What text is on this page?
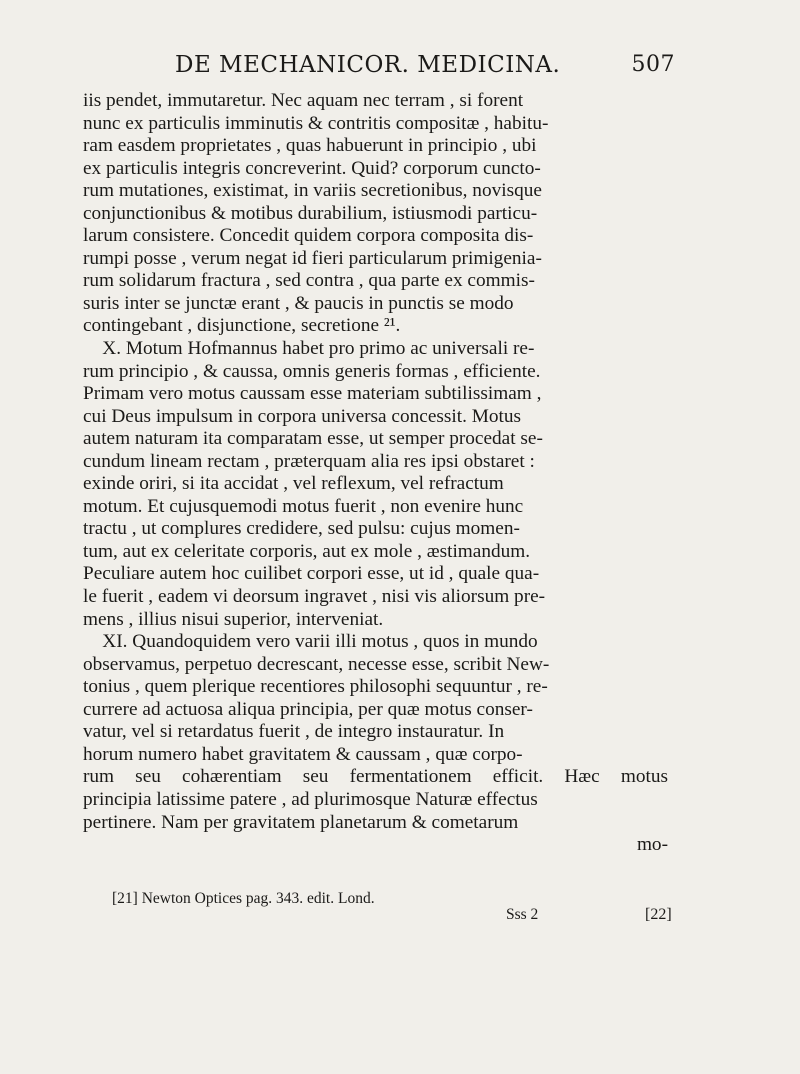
DE MECHANICOR. MEDICINA.	507
iis pendet, immutaretur. Nec aquam nec terram , si forent
nunc ex particulis imminutis & contritis compositæ , habitu-
ram easdem proprietates , quas habuerunt in principio , ubi
ex particulis integris concreverint. Quid? corporum cuncto-
rum mutationes, existimat, in variis secretionibus, novisque
conjunctionibus & motibus durabilium, istiusmodi particu-
larum consistere. Concedit quidem corpora composita dis-
rumpi posse , verum negat id fieri particularum primigenia-
rum solidarum fractura , sed contra , qua parte ex commis-
suris inter se junctæ erant , & paucis in punctis se modo
contingebant , disjunctione, secretione ²¹.
X. Motum Hofmannus habet pro primo ac universali re-
rum principio , & caussa, omnis generis formas , efficiente.
Primam vero motus caussam esse materiam subtilissimam ,
cui Deus impulsum in corpora universa concessit. Motus
autem naturam ita comparatam esse, ut semper procedat se-
cundum lineam rectam , præterquam alia res ipsi obstaret :
exinde oriri, si ita accidat , vel reflexum, vel refractum
motum. Et cujusquemodi motus fuerit , non evenire hunc
tractu , ut complures credidere, sed pulsu: cujus momen-
tum, aut ex celeritate corporis, aut ex mole , æstimandum.
Peculiare autem hoc cuilibet corpori esse, ut id , quale qua-
le fuerit , eadem vi deorsum ingravet , nisi vis aliorsum pre-
mens , illius nisui superior, interveniat.
XI. Quandoquidem vero varii illi motus , quos in mundo
observamus, perpetuo decrescant, necesse esse, scribit New-
tonius , quem plerique recentiores philosophi sequuntur , re-
currere ad actuosa aliqua principia, per quæ motus conser-
vatur, vel si retardatus fuerit , de integro instauratur. In
horum numero habet gravitatem & caussam , quæ corpo-
rum seu cohærentiam seu fermentationem efficit. Hæc motus
principia latissime patere , ad plurimosque Naturæ effectus
pertinere. Nam per gravitatem planetarum & cometarum
mo-
[21] Newton Optices pag. 343. edit. Lond.
Sss 2	[22]
